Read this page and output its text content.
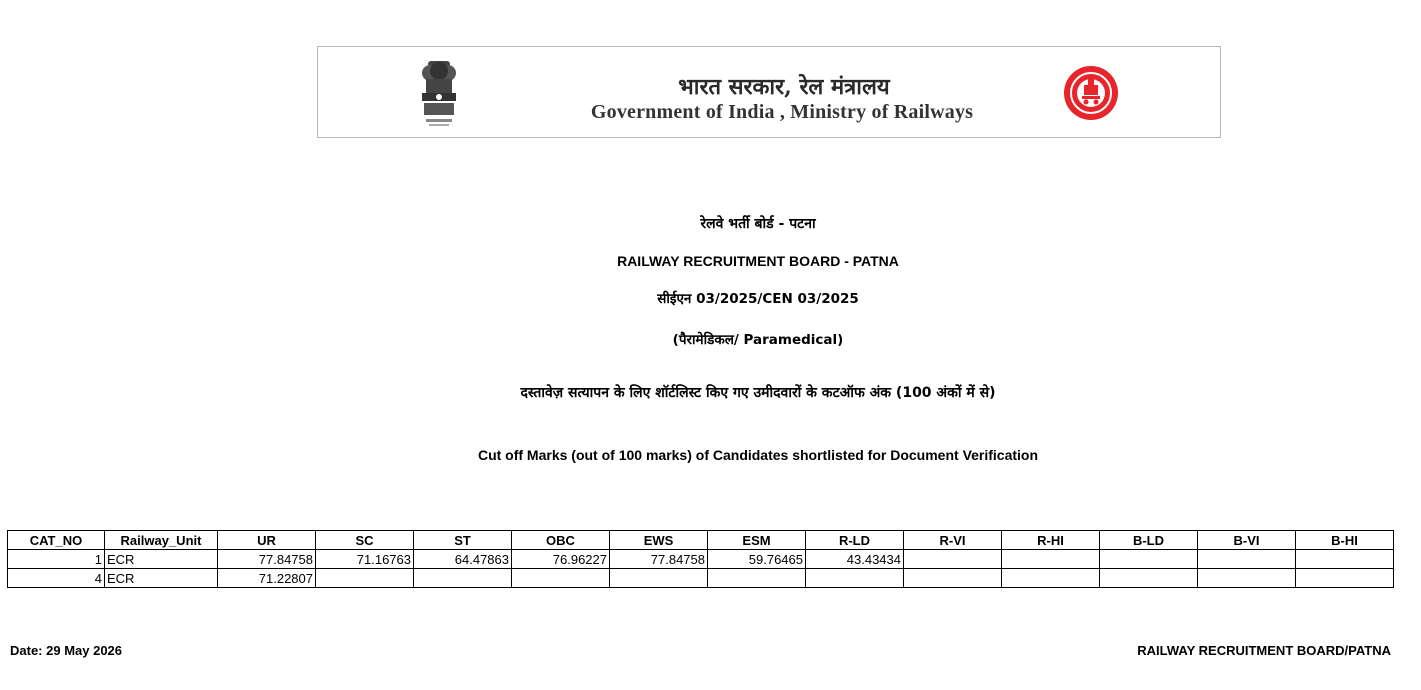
भारत सरकार, रेल मंत्रालय
Government of India , Ministry of Railways
रेलवे भर्ती बोर्ड - पटना
RAILWAY RECRUITMENT BOARD - PATNA
सीईएन 03/2025/CEN 03/2025
(पैरामेडिकल/ Paramedical)
दस्तावेज़ सत्यापन के लिए शॉर्टलिस्ट किए गए उमीदवारों के कटऑफ अंक (100 अंकों में से)
Cut off Marks (out of 100 marks) of Candidates shortlisted for Document Verification
CAT_NO	Railway_Unit	UR	SC	ST	OBC	EWS	ESM	R-LD	R-VI	R-HI	B-LD	B-VI	B-HI
1	ECR	77.84758	71.16763	64.47863	76.96227	77.84758	59.76465	43.43434					
4	ECR	71.22807											
Date: 29 May 2026	RAILWAY RECRUITMENT BOARD/PATNA
